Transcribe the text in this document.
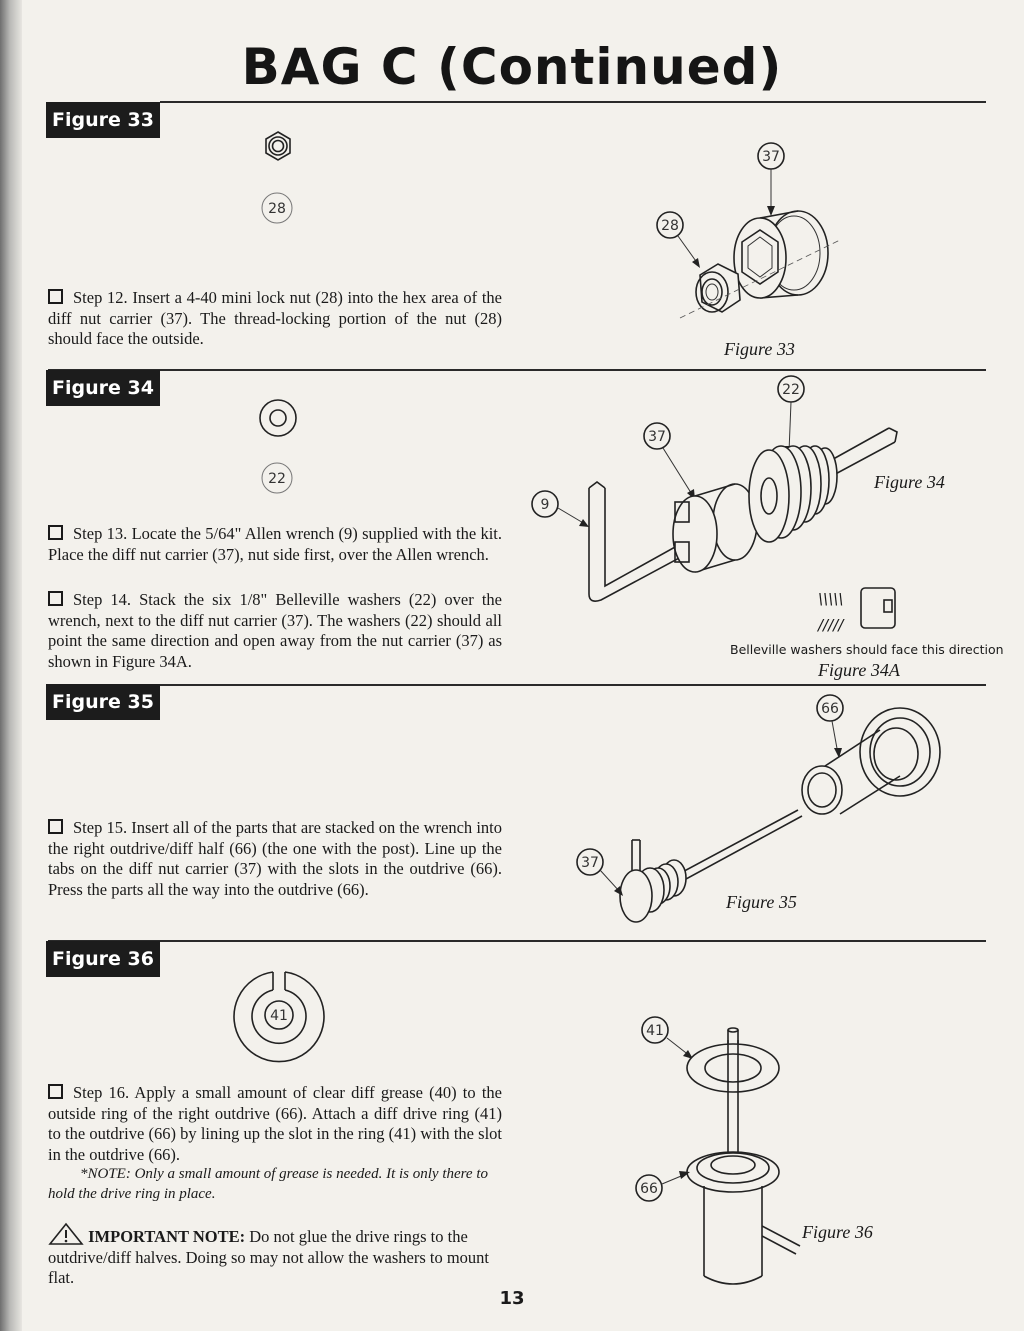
BAG C (Continued)
Figure 33
28
Step 12. Insert a 4-40 mini lock nut (28) into the hex area of the diff nut carrier (37). The thread-locking portion of the nut (28) should face the outside.
37
28
Figure 33
Figure 34
22
Step 13. Locate the 5/64" Allen wrench (9) supplied with the kit. Place the diff nut carrier (37), nut side first, over the Allen wrench.
Step 14. Stack the six 1/8" Belleville washers (22) over the wrench, next to the diff nut carrier (37). The washers (22) should all point the same direction and open away from the nut carrier (37) as shown in Figure 34A.
22
37
9
Figure 34
\\\\\
/////
Belleville washers should face this direction
Figure 34A
Figure 35
Step 15. Insert all of the parts that are stacked on the wrench into the right outdrive/diff half (66) (the one with the post). Line up the tabs on the diff nut carrier (37) with the slots in the outdrive (66). Press the parts all the way into the outdrive (66).
66
37
Figure 35
Figure 36
41
Step 16. Apply a small amount of clear diff grease (40) to the outside ring of the right outdrive (66). Attach a diff drive ring (41) to the outdrive (66) by lining up the slot in the ring (41) with the slot in the outdrive (66).
*NOTE: Only a small amount of grease is needed. It is only there to hold the drive ring in place.
IMPORTANT NOTE: Do not glue the drive rings to the outdrive/diff halves. Doing so may not allow the washers to mount flat.
41
66
Figure 36
13
